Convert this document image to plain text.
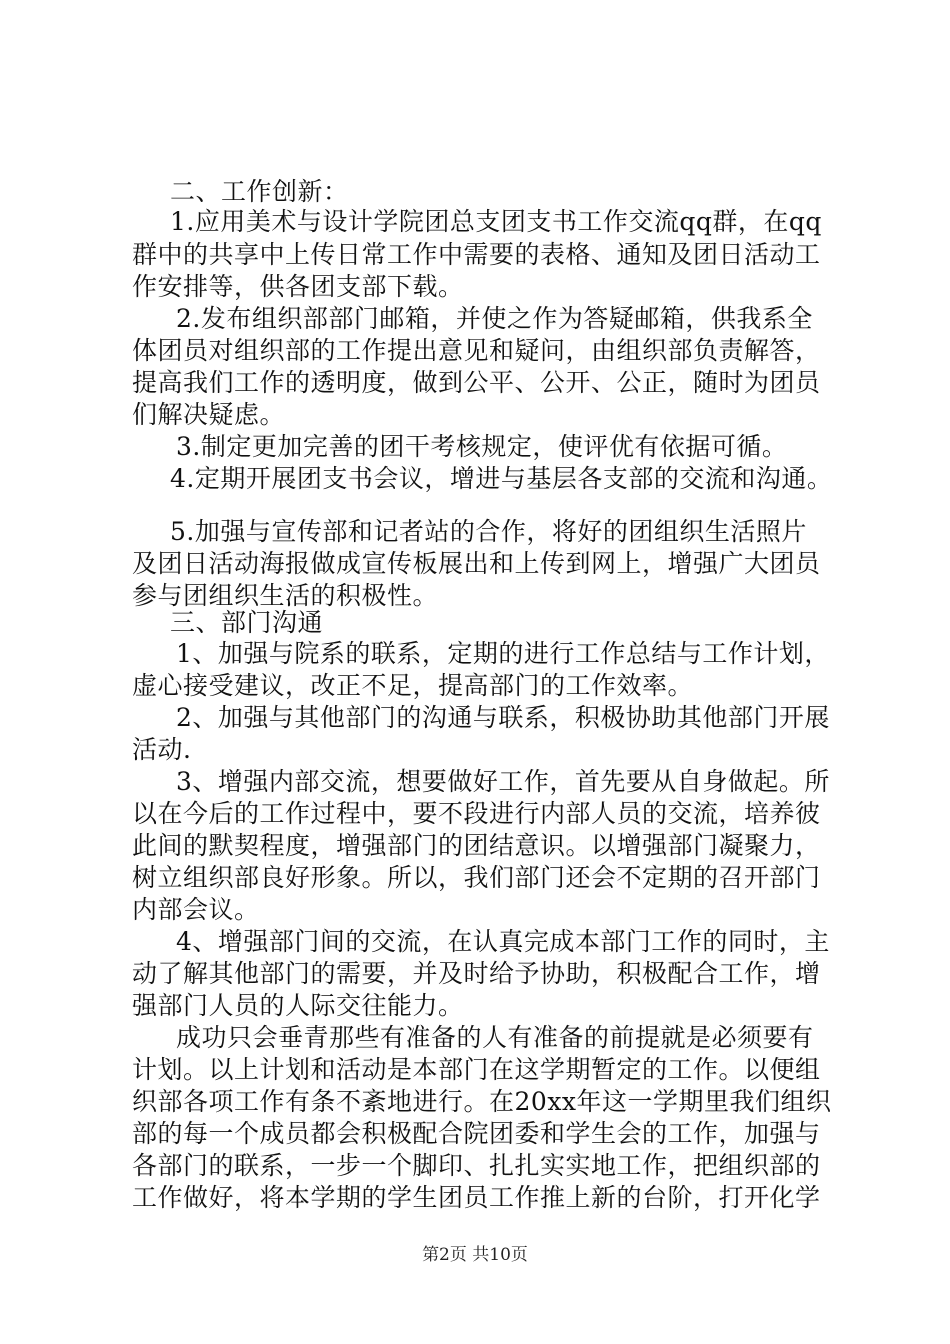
二、工作创新：
1.应用美术与设计学院团总支团支书工作交流qq群，在qq
群中的共享中上传日常工作中需要的表格、通知及团日活动工
作安排等，供各团支部下载。
2.发布组织部部门邮箱，并使之作为答疑邮箱，供我系全
体团员对组织部的工作提出意见和疑问，由组织部负责解答，
提高我们工作的透明度，做到公平、公开、公正，随时为团员
们解决疑虑。
3.制定更加完善的团干考核规定，使评优有依据可循。
4.定期开展团支书会议，增进与基层各支部的交流和沟通。
5.加强与宣传部和记者站的合作，将好的团组织生活照片
及团日活动海报做成宣传板展出和上传到网上，增强广大团员
参与团组织生活的积极性。
三、部门沟通
1、加强与院系的联系，定期的进行工作总结与工作计划，
虚心接受建议，改正不足，提高部门的工作效率。
2、加强与其他部门的沟通与联系，积极协助其他部门开展
活动.
3、增强内部交流，想要做好工作，首先要从自身做起。所
以在今后的工作过程中，要不段进行内部人员的交流，培养彼
此间的默契程度，增强部门的团结意识。以增强部门凝聚力，
树立组织部良好形象。所以，我们部门还会不定期的召开部门
内部会议。
4、增强部门间的交流，在认真完成本部门工作的同时，主
动了解其他部门的需要，并及时给予协助，积极配合工作，增
强部门人员的人际交往能力。
成功只会垂青那些有准备的人有准备的前提就是必须要有
计划。以上计划和活动是本部门在这学期暂定的工作。以便组
织部各项工作有条不紊地进行。在20xx年这一学期里我们组织
部的每一个成员都会积极配合院团委和学生会的工作，加强与
各部门的联系，一步一个脚印、扎扎实实地工作，把组织部的
工作做好，将本学期的学生团员工作推上新的台阶，打开化学
第2页 共10页
